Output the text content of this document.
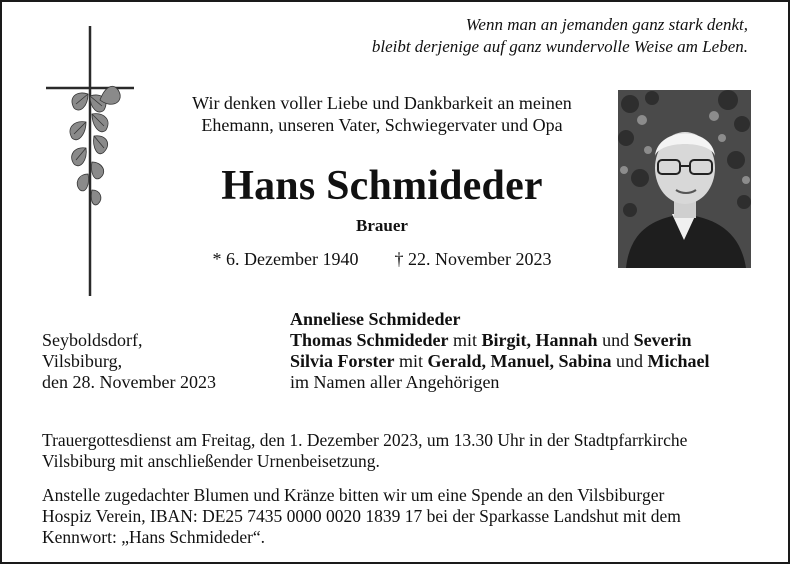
Wenn man an jemanden ganz stark denkt,
bleibt derjenige auf ganz wundervolle Weise am Leben.

Wir denken voller Liebe und Dankbarkeit an meinen
Ehemann, unseren Vater, Schwiegervater und Opa

Hans Schmideder

Brauer

* 6. Dezember 1940 † 22. November 2023

Seyboldsdorf,
Vilsbiburg,
den 28. November 2023

Anneliese Schmideder
Thomas Schmideder mit Birgit, Hannah und Severin
Silvia Forster mit Gerald, Manuel, Sabina und Michael
im Namen aller Angehörigen

Trauergottesdienst am Freitag, den 1. Dezember 2023, um 13.30 Uhr in der Stadtpfarrkirche
Vilsbiburg mit anschließender Urnenbeisetzung.

Anstelle zugedachter Blumen und Kränze bitten wir um eine Spende an den Vilsbiburger
Hospiz Verein, IBAN: DE25 7435 0000 0020 1839 17 bei der Sparkasse Landshut mit dem
Kennwort: „Hans Schmideder“.
